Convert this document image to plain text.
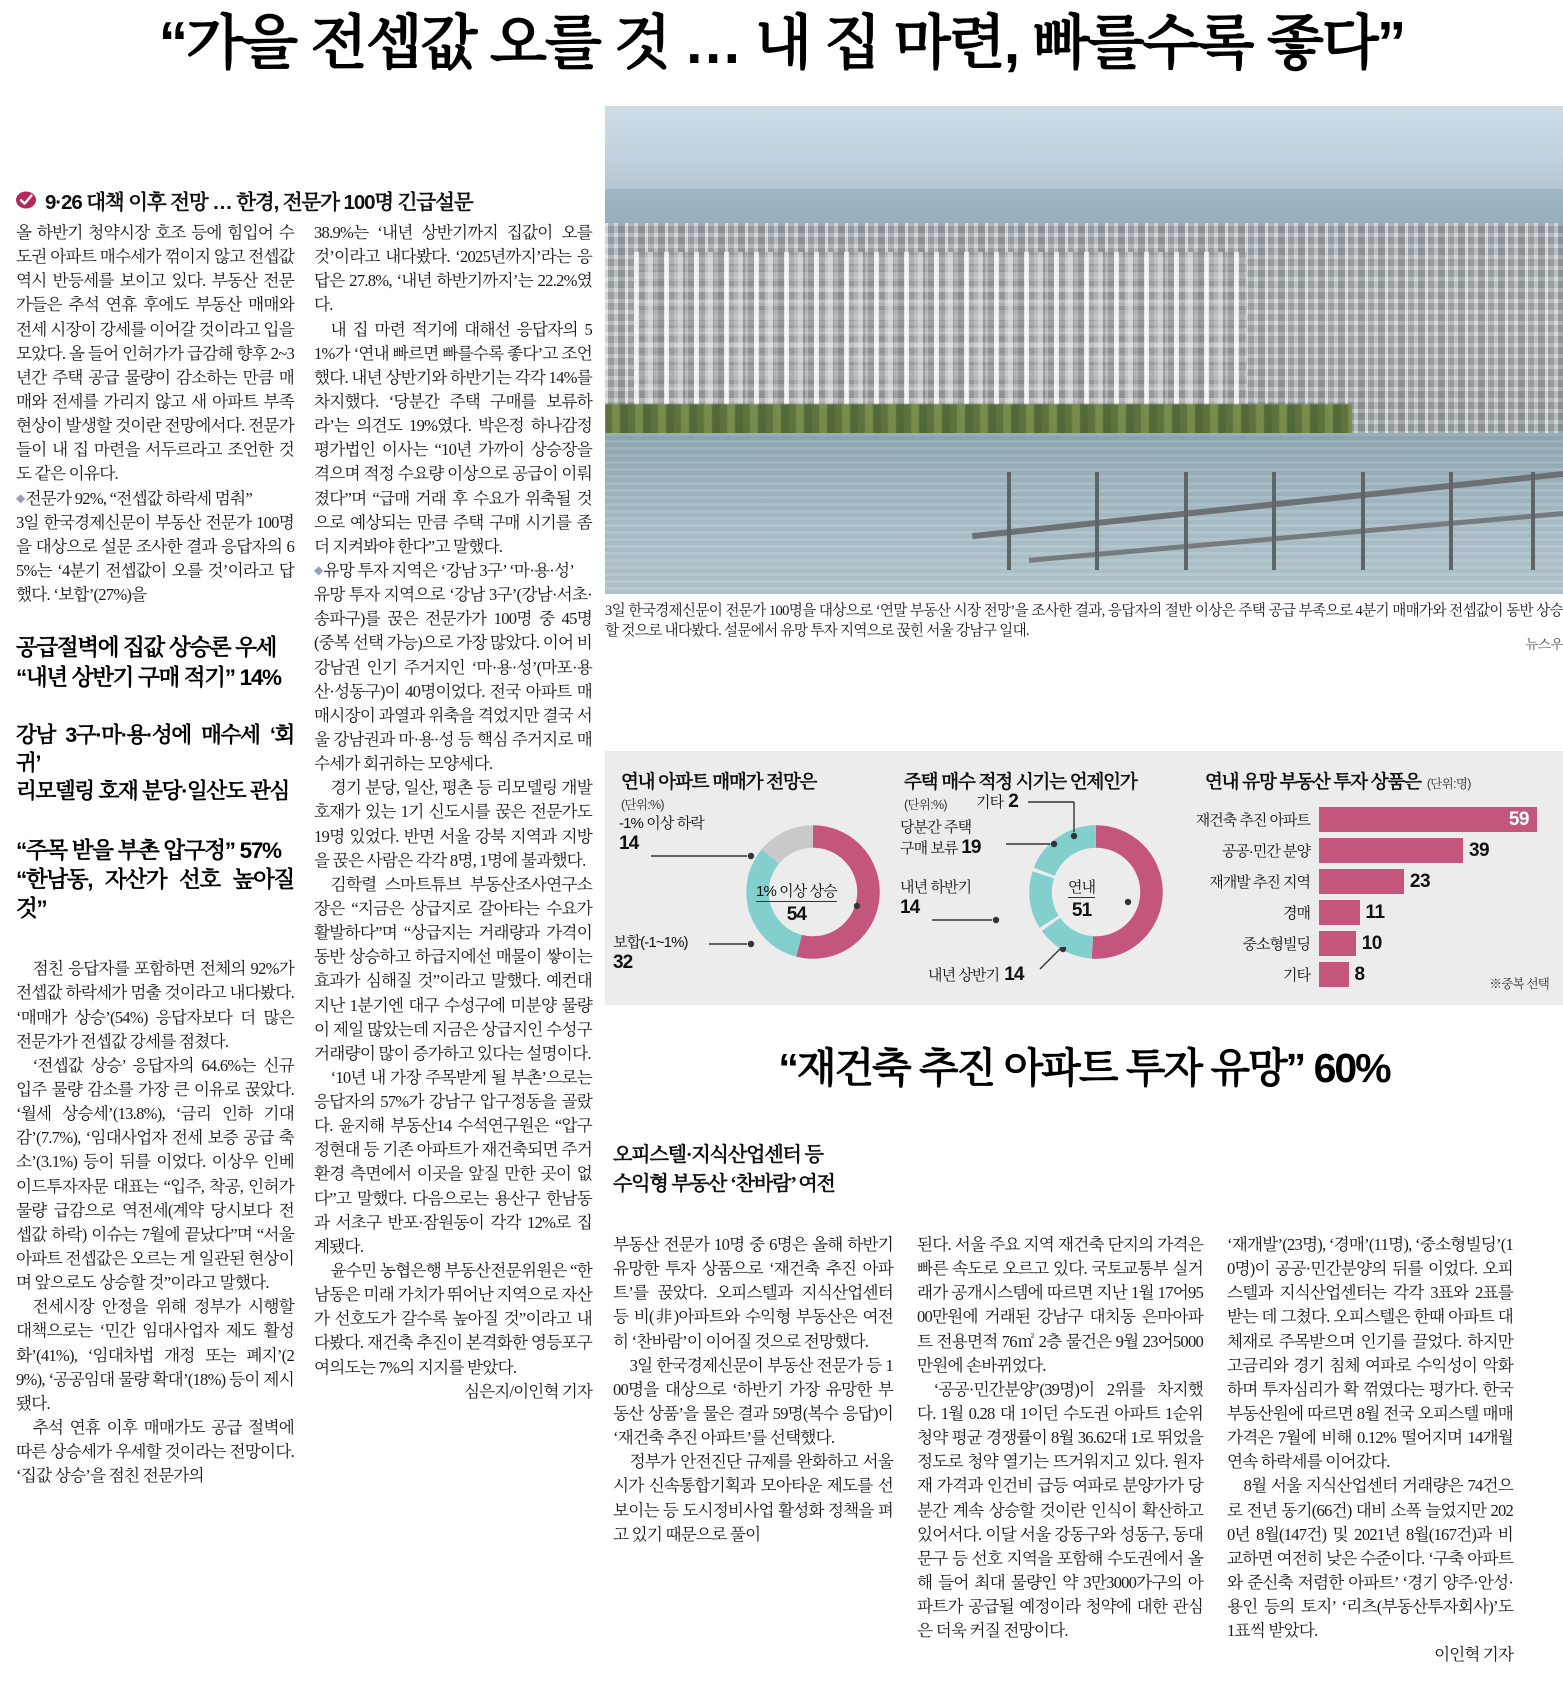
“가을 전셉값 오를 것 … 내 집 마련, 빠를수록 좋다”
9·26 대책 이후 전망 … 한경, 전문가 100명 긴급설문

올 하반기 청약시장 호조 등에 힘입어 수도권 아파트 매수세가 꺾이지 않고 전셉값 역시 반등세를 보이고 있다. 부동산 전문가들은 추석 연휴 후에도 부동산 매매와 전세 시장이 강세를 이어갈 것이라고 입을 모았다. 올 들어 인허가가 급감해 향후 2~3년간 주택 공급 물량이 감소하는 만큼 매매와 전세를 가리지 않고 새 아파트 부족 현상이 발생할 것이란 전망에서다. 전문가들이 내 집 마련을 서두르라고 조언한 것도 같은 이유다.

◆전문가 92%, “전셉값 하락세 멈춰”

3일 한국경제신문이 부동산 전문가 100명을 대상으로 설문 조사한 결과 응답자의 65%는 ‘4분기 전셉값이 오를 것’이라고 답했다. ‘보합’(27%)을

공급절벽에 집값 상승론 우세
“내년 상반기 구매 적기” 14%
강남 3구·마·용·성에 매수세 ‘회귀’
리모델링 호재 분당·일산도 관심
“주목 받을 부촌 압구정” 57%
“한남동, 자산가 선호 높아질 것”

점친 응답자를 포함하면 전체의 92%가 전셉값 하락세가 멈출 것이라고 내다봤다. ‘매매가 상승’(54%) 응답자보다 더 많은 전문가가 전셉값 강세를 점쳤다.

‘전셉값 상승’ 응답자의 64.6%는 신규 입주 물량 감소를 가장 큰 이유로 꾽았다. ‘월세 상승세’(13.8%), ‘금리 인하 기대감’(7.7%), ‘임대사업자 전세 보증 공급 축소’(3.1%) 등이 뒤를 이었다. 이상우 인베이드투자자문 대표는 “입주, 착공, 인허가 물량 급감으로 역전세(계약 당시보다 전셉값 하락) 이슈는 7월에 끝났다”며 “서울 아파트 전셉값은 오르는 게 일관된 현상이며 앞으로도 상승할 것”이라고 말했다.

전세시장 안정을 위해 정부가 시행할 대책으로는 ‘민간 임대사업자 제도 활성화’(41%), ‘임대차법 개정 또는 폐지’(29%), ‘공공임대 물량 확대’(18%) 등이 제시됐다.

추석 연휴 이후 매매가도 공급 절벽에 따른 상승세가 우세할 것이라는 전망이다. ‘집값 상승’을 점친 전문가의

38.9%는 ‘내년 상반기까지 집값이 오를 것’이라고 내다봤다. ‘2025년까지’라는 응답은 27.8%, ‘내년 하반기까지’는 22.2%였다.

내 집 마련 적기에 대해선 응답자의 51%가 ‘연내 빠르면 빠를수록 좋다’고 조언했다. 내년 상반기와 하반기는 각각 14%를 차지했다. ‘당분간 주택 구매를 보류하라’는 의견도 19%였다. 박은정 하나감정평가법인 이사는 “10년 가까이 상승장을 격으며 적정 수요량 이상으로 공급이 이뤄졌다”며 “급매 거래 후 수요가 위축될 것으로 예상되는 만큼 주택 구매 시기를 좀 더 지켜봐야 한다”고 말했다.

◆유망 투자 지역은 ‘강남 3구’ ‘마·용·성’

유망 투자 지역으로 ‘강남 3구’(강남·서초·송파구)를 꾽은 전문가가 100명 중 45명(중복 선택 가능)으로 가장 많았다. 이어 비강남권 인기 주거지인 ‘마·용·성’(마포·용산·성동구)이 40명이었다. 전국 아파트 매매시장이 과열과 위축을 격었지만 결국 서울 강남권과 마·용·성 등 핵심 주거지로 매수세가 회귀하는 모양세다.

경기 분당, 일산, 평촌 등 리모델링 개발 호재가 있는 1기 신도시를 꾽은 전문가도 19명 있었다. 반면 서울 강북 지역과 지방을 꾽은 사람은 각각 8명, 1명에 불과했다.

김학렬 스마트튜브 부동산조사연구소장은 “지금은 상급지로 갈아타는 수요가 활발하다”며 “상급지는 거래량과 가격이 동반 상승하고 하급지에선 매물이 쌓이는 효과가 심해질 것”이라고 말했다. 예컨대 지난 1분기엔 대구 수성구에 미분양 물량이 제일 많았는데 지금은 상급지인 수성구 거래량이 많이 증가하고 있다는 설명이다.

‘10년 내 가장 주목받게 될 부촌’으로는 응답자의 57%가 강남구 압구정동을 골랐다. 윤지해 부동산14 수석연구원은 “압구정현대 등 기존 아파트가 재건축되면 주거 환경 측면에서 이곳을 앞질 만한 곳이 없다”고 말했다. 다음으로는 용산구 한남동과 서초구 반포·잠원동이 각각 12%로 집계됐다.

윤수민 농협은행 부동산전문위원은 “한남동은 미래 가치가 뛰어난 지역으로 자산가 선호도가 갈수록 높아질 것”이라고 내다봤다. 재건축 추진이 본격화한 영등포구 여의도는 7%의 지지를 받았다.

심은지/이인혁 기자

3일 한국경제신문이 전문가 100명을 대상으로 ‘연말 부동산 시장 전망’을 조사한 결과, 응답자의 절반 이상은 주택 공급 부족으로 4분기 매매가와 전셉값이 동반 상승할 것으로 내다봤다. 설문에서 유망 투자 지역으로 꾽힌 서울 강남구 일대.
뉴스우
연내 아파트 매매가 전망은
(단위:%)
-1% 이상 하락
14
1% 이상 상승
54
보합(-1~1%)
32
주택 매수 적정 시기는 언제인가
(단위:%) 기타 2
당분간 주택
구매 보류 19
내년 하반기
14
연내
51
내년 상반기 14
연내 유망 부동산 투자 상품은 (단위:명)
재건축 추진 아파트	59
공공·민간 분양	39
재개발 추진 지역	23
경매	11
중소형빌딩	10
기타	8	※중복 선택
“재건축 추진 아파트 투자 유망” 60%
오피스텔·지식산업센터 등
수익형 부동산 ‘찬바람’ 여전

부동산 전문가 10명 중 6명은 올해 하반기 유망한 투자 상품으로 ‘재건축 추진 아파트’를 꾽았다. 오피스텔과 지식산업센터 등 비(非)아파트와 수익형 부동산은 여전히 ‘찬바람’이 이어질 것으로 전망했다.

3일 한국경제신문이 부동산 전문가 등 100명을 대상으로 ‘하반기 가장 유망한 부동산 상품’을 물은 결과 59명(복수 응답)이 ‘재건축 추진 아파트’를 선택했다.

정부가 안전진단 규제를 완화하고 서울시가 신속통합기획과 모아타운 제도를 선보이는 등 도시정비사업 활성화 정책을 펴고 있기 때문으로 풀이

된다. 서울 주요 지역 재건축 단지의 가격은 빠른 속도로 오르고 있다. 국토교통부 실거래가 공개시스템에 따르면 지난 1월 17어9500만원에 거래된 강남구 대치동 은마아파트 전용면적 76㎡ 2층 물건은 9월 23어5000만원에 손바뀌었다.

‘공공·민간분양’(39명)이 2위를 차지했다. 1월 0.28 대 1이던 수도권 아파트 1순위 청약 평균 경쟁률이 8월 36.62대 1로 뛰었을 정도로 청약 열기는 뜨거워지고 있다. 원자재 가격과 인건비 급등 여파로 분양가가 당분간 계속 상승할 것이란 인식이 확산하고 있어서다. 이달 서울 강동구와 성동구, 동대문구 등 선호 지역을 포함해 수도권에서 올해 들어 최대 물량인 약 3만3000가구의 아파트가 공급될 예정이라 청약에 대한 관심은 더욱 커질 전망이다.

‘재개발’(23명), ‘경매’(11명), ‘중소형빌딩’(10명)이 공공·민간분양의 뒤를 이었다. 오피스텔과 지식산업센터는 각각 3표와 2표를 받는 데 그쳤다. 오피스텔은 한때 아파트 대체재로 주목받으며 인기를 끌었다. 하지만 고금리와 경기 침체 여파로 수익성이 악화하며 투자심리가 확 꺾였다는 평가다. 한국부동산원에 따르면 8월 전국 오피스텔 매매가격은 7월에 비해 0.12% 떨어지며 14개월 연속 하락세를 이어갔다.

8월 서울 지식산업센터 거래량은 74건으로 전년 동기(66건) 대비 소폭 늘었지만 2020년 8월(147건) 및 2021년 8월(167건)과 비교하면 여전히 낮은 수준이다. ‘구축 아파트와 준신축 저렴한 아파트’ ‘경기 양주·안성·용인 등의 토지’ ‘리츠(부동산투자회사)’도 1표씩 받았다.

이인혁 기자
